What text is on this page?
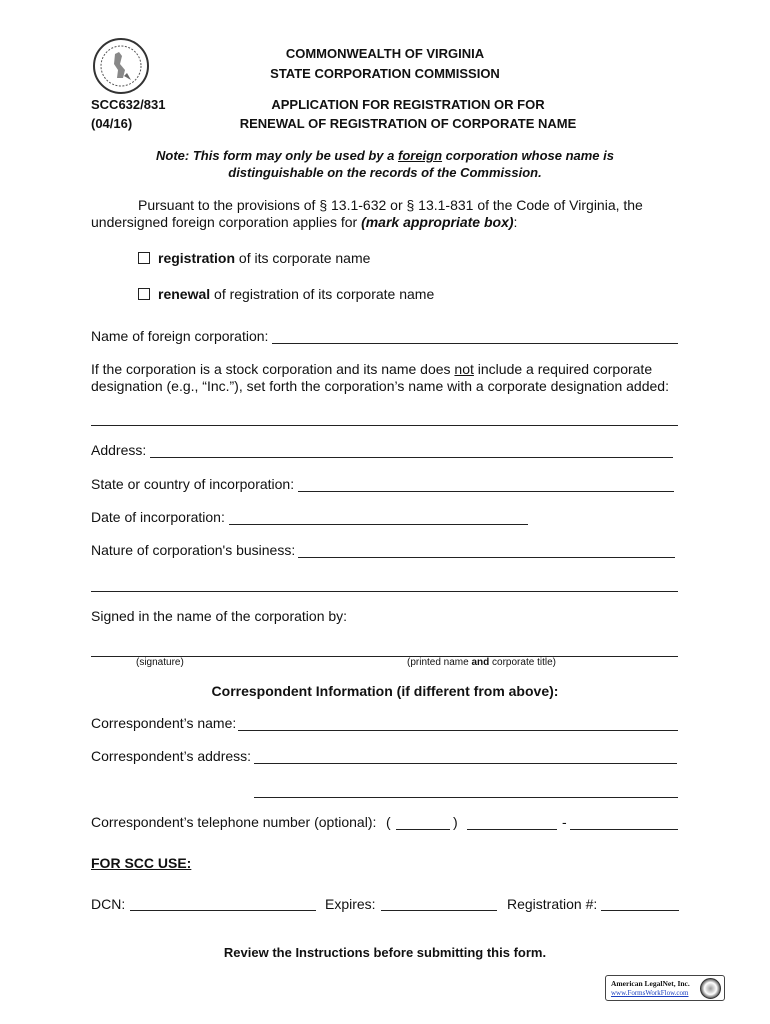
COMMONWEALTH OF VIRGINIA
STATE CORPORATION COMMISSION
SCC632/831
(04/16)
APPLICATION FOR REGISTRATION OR FOR
RENEWAL OF REGISTRATION OF CORPORATE NAME
Note: This form may only be used by a foreign corporation whose name is
distinguishable on the records of the Commission.
Pursuant to the provisions of § 13.1-632 or § 13.1-831 of the Code of Virginia, the
undersigned foreign corporation applies for (mark appropriate box):
registration of its corporate name
renewal of registration of its corporate name
Name of foreign corporation:
If the corporation is a stock corporation and its name does not include a required corporate
designation (e.g., “Inc.”), set forth the corporation’s name with a corporate designation added:
Address:
State or country of incorporation:
Date of incorporation:
Nature of corporation's business:
Signed in the name of the corporation by:
(signature)	(printed name and corporate title)
Correspondent Information (if different from above):
Correspondent’s name:
Correspondent’s address:
Correspondent’s telephone number (optional): (	)	-
FOR SCC USE:
DCN:	Expires:	Registration #:
Review the Instructions before submitting this form.
American LegalNet, Inc.
www.FormsWorkFlow.com
